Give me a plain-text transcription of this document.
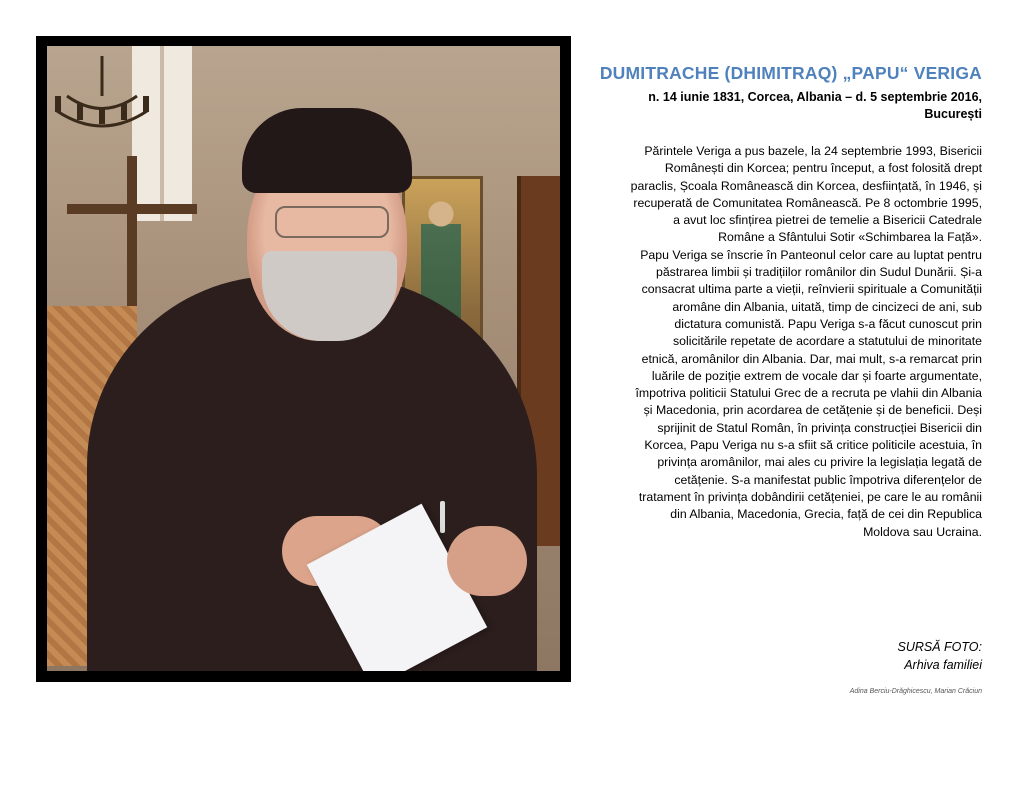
DUMITRACHE (DHIMITRAQ) „PAPU“ VERIGA
n. 14 iunie 1831, Corcea, Albania – d. 5 septembrie 2016,
București

Părintele Veriga a pus bazele, la 24 septembrie 1993, Bisericii

Românești din Korcea; pentru început, a fost folosită drept

paraclis, Școala Românească din Korcea, desființată, în 1946, și

recuperată de Comunitatea Românească. Pe 8 octombrie 1995,

a avut loc sfințirea pietrei de temelie a Bisericii Catedrale

Române a Sfântului Sotir «Schimbarea la Față».

Papu Veriga se înscrie în Panteonul celor care au luptat pentru

păstrarea limbii și tradițiilor românilor din Sudul Dunării. Și-a

consacrat ultima parte a vieții, reînvierii spirituale a Comunității

aromâne din Albania, uitată, timp de cincizeci de ani, sub

dictatura comunistă. Papu Veriga s-a făcut cunoscut prin

solicitările repetate de acordare a statutului de minoritate

etnică, aromânilor din Albania. Dar, mai mult, s-a remarcat prin

luările de poziție extrem de vocale dar și foarte argumentate,

împotriva politicii Statului Grec de a recruta pe vlahii din Albania

și Macedonia, prin acordarea de cetățenie și de beneficii. Deși

sprijinit de Statul Român, în privința construcției Bisericii din

Korcea, Papu Veriga nu s-a sfiit să critice politicile acestuia, în

privința aromânilor, mai ales cu privire la legislația legată de

cetățenie. S-a manifestat public împotriva diferențelor de

tratament în privința dobândirii cetățeniei, pe care le au românii

din Albania, Macedonia, Grecia, față de cei din Republica

Moldova sau Ucraina.

SURSĂ FOTO:
Arhiva familiei
Adina Berciu-Drăghicescu, Marian Crăciun
